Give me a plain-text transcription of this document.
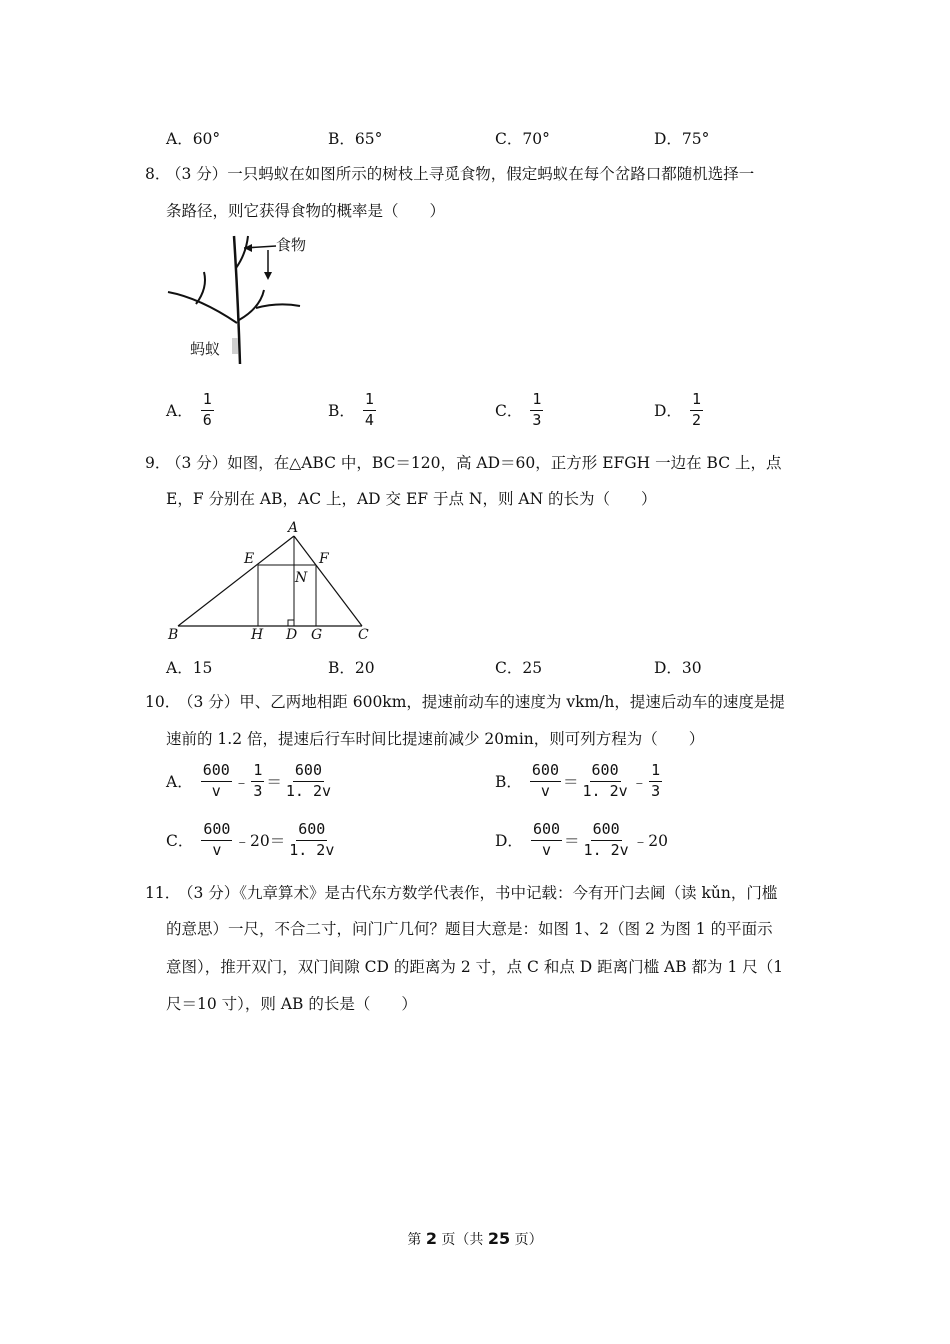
A．60°	B．65°	C．70°	D．75°
8．
（3 分）一只蚂蚁在如图所示的树枝上寻觅食物，假定蚂蚁在每个岔路口都随机选择一
条路径，则它获得食物的概率是（　　）
食物
蚂蚁
A． $\frac{1}{6}$	B． $\frac{1}{4}$	C． $\frac{1}{3}$	D． $\frac{1}{2}$
9．
（3 分）如图，在△ABC 中，BC＝120，高 AD＝60，正方形 EFGH 一边在 BC 上，点
E，F 分别在 AB，AC 上，AD 交 EF 于点 N，则 AN 的长为（　　）
A
B	C
D
E	F
G
H
N
A．15	B．20	C．25	D．30
10．
（3 分）甲、乙两地相距 600km，提速前动车的速度为 vkm/h，提速后动车的速度是提
速前的 1.2 倍，提速后行车时间比提速前减少 20min，则可列方程为（　　）
A． $\frac{600}{v}$ ﹣ $\frac{1}{3} = \frac{600}{1. 2v}$	B． $\frac{600}{v} = \frac{600}{1. 2v}$ ﹣ $\frac{1}{3}$
C． $\frac{600}{v}$ ﹣20＝ $\frac{600}{1. 2v}$	D． $\frac{600}{v} = \frac{600}{1. 2v}$ ﹣20
11．
（3 分）《九章算术》是古代东方数学代表作，书中记载：今有开门去阃（读 kǔn，门槛
的意思）一尺，不合二寸，问门广几何？题目大意是：如图 1、2（图 2 为图 1 的平面示
意图），推开双门，双门间隙 CD 的距离为 2 寸，点 C 和点 D 距离门槛 AB 都为 1 尺（1
尺＝10 寸），则 AB 的长是（　　）
第 2 页（共 25 页）
